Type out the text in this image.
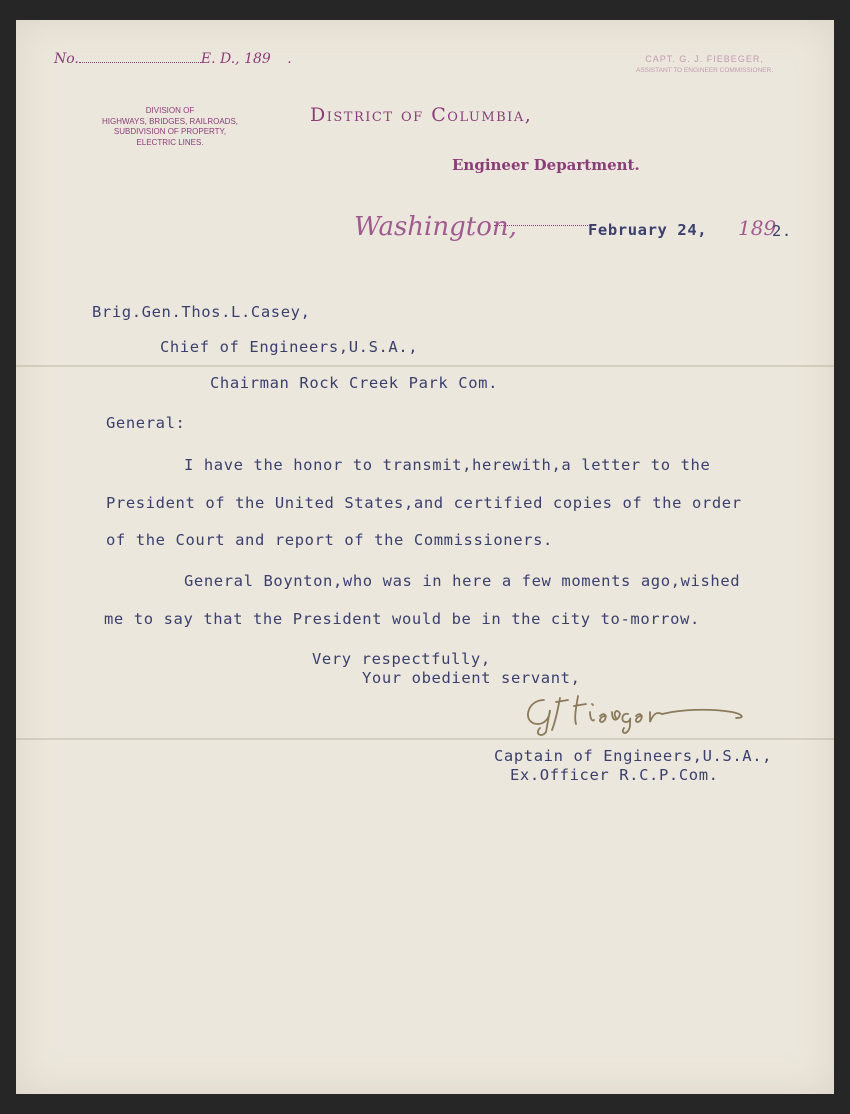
No.	E. D., 189 .	CAPT. G. J. FIEBEGER,
ASSISTANT TO ENGINEER COMMISSIONER.
DIVISION OF
HIGHWAYS, BRIDGES, RAILROADS,
SUBDIVISION OF PROPERTY,
ELECTRIC LINES.
District of Columbia,
Engineer Department.
Washington,	February 24, 189
2.
Brig.Gen.Thos.L.Casey,
Chief of Engineers,U.S.A.,
Chairman Rock Creek Park Com.
General:
I have the honor to transmit,herewith,a letter to the
President of the United States,and certified copies of the order
of the Court and report of the Commissioners.
General Boynton,who was in here a few moments ago,wished
me to say that the President would be in the city to-morrow.
Very respectfully,
Your obedient servant,
Captain of Engineers,U.S.A.,
Ex.Officer R.C.P.Com.
